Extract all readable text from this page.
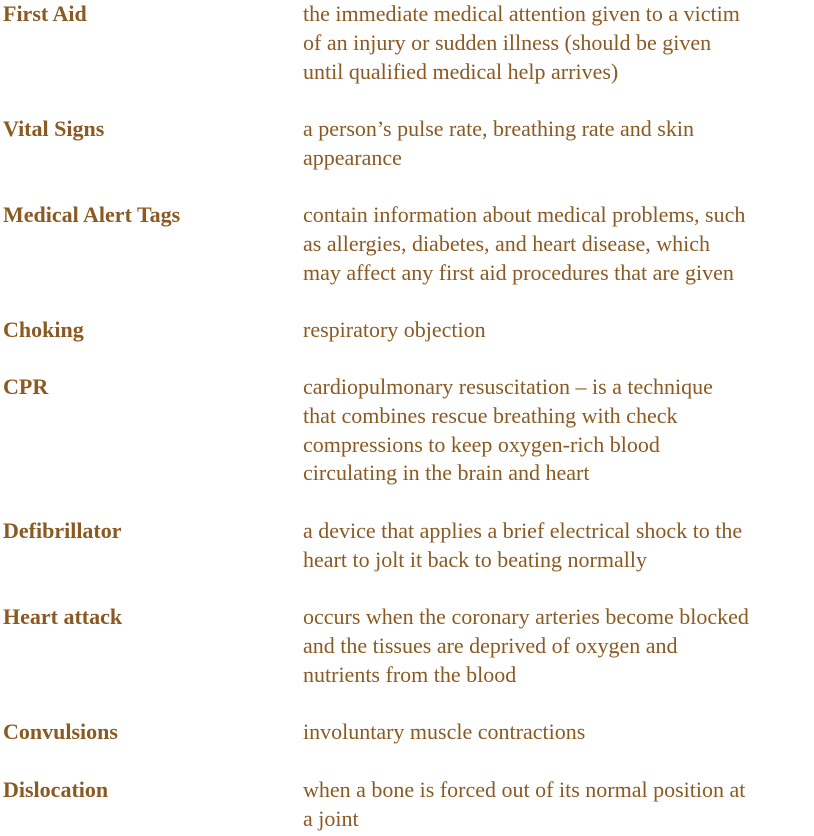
First Aid	the immediate medical attention given to a victim
of an injury or sudden illness (should be given
until qualified medical help arrives)
Vital Signs	a person’s pulse rate, breathing rate and skin
appearance
Medical Alert Tags	contain information about medical problems, such
as allergies, diabetes, and heart disease, which
may affect any first aid procedures that are given
Choking	respiratory objection
CPR	cardiopulmonary resuscitation – is a technique
that combines rescue breathing with check
compressions to keep oxygen-rich blood
circulating in the brain and heart
Defibrillator	a device that applies a brief electrical shock to the
heart to jolt it back to beating normally
Heart attack	occurs when the coronary arteries become blocked
and the tissues are deprived of oxygen and
nutrients from the blood
Convulsions	involuntary muscle contractions
Dislocation	when a bone is forced out of its normal position at
a joint
